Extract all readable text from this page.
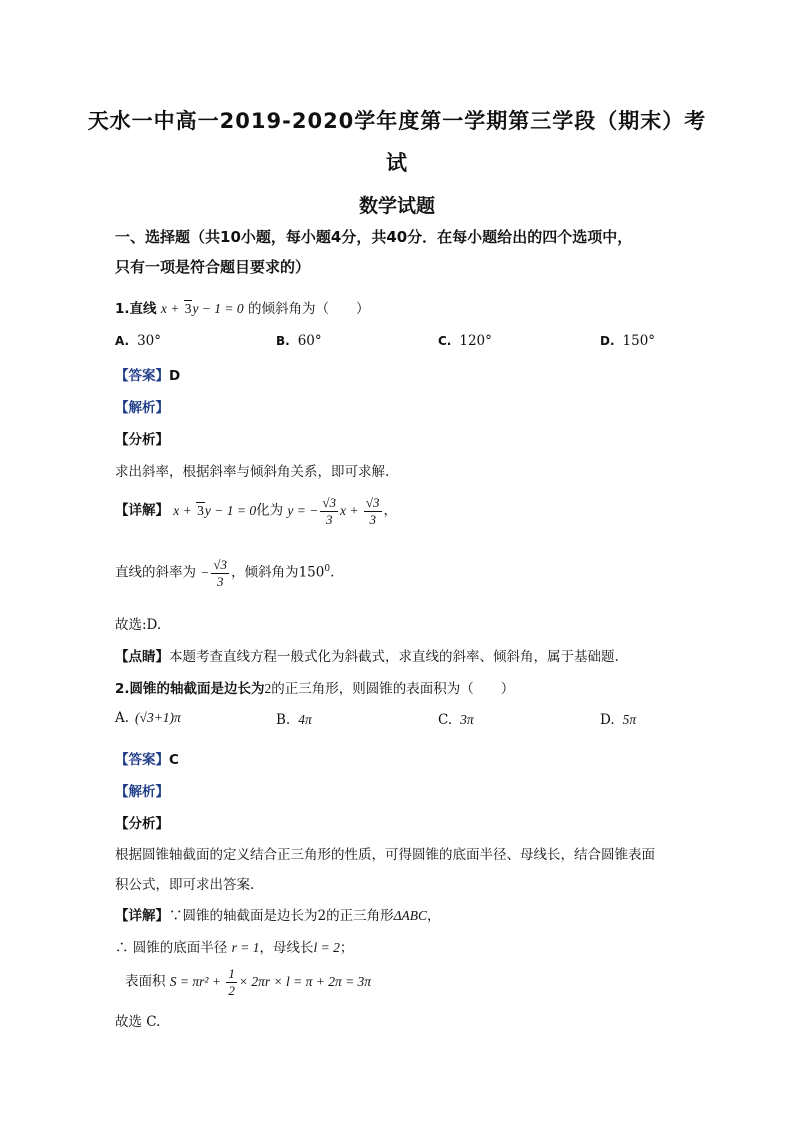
天水一中高一2019-2020学年度第一学期第三学段（期末）考
试
数学试题
一、选择题（共10小题，每小题4分，共40分．在每小题给出的四个选项中，
只有一项是符合题目要求的）
1.直线 x + 3y − 1 = 0 的倾斜角为（　　）
A. 30°	B. 60°	C. 120°	D. 150°
【答案】D
【解析】
【分析】
求出斜率，根据斜率与倾斜角关系，即可求解.
【详解】 x + 3y − 1 = 0化为 y = − $\frac{√3}{3}$ $x + \frac{√3}{3}$ ，
直线的斜率为 − $\frac{√3}{3}$ ，倾斜角为$150^0$.
故选:D.
【点睛】本题考查直线方程一般式化为斜截式，求直线的斜率、倾斜角，属于基础题.
2.圆锥的轴截面是边长为2的正三角形，则圆锥的表面积为（　　）
A. (√3+1)π	B. 4π	C. 3π	D. 5π
【答案】C
【解析】
【分析】
根据圆锥轴截面的定义结合正三角形的性质，可得圆锥的底面半径、母线长，结合圆锥表面
积公式，即可求出答案.
【详解】∵圆锥的轴截面是边长为2的正三角形ΔABC，
∴ 圆锥的底面半径 r = 1，母线长l = 2；
表面积 $S = \pi r^2 + \frac{1}{2} \times 2\pi r \times l = \pi + 2\pi = 3\pi$
故选 C.
